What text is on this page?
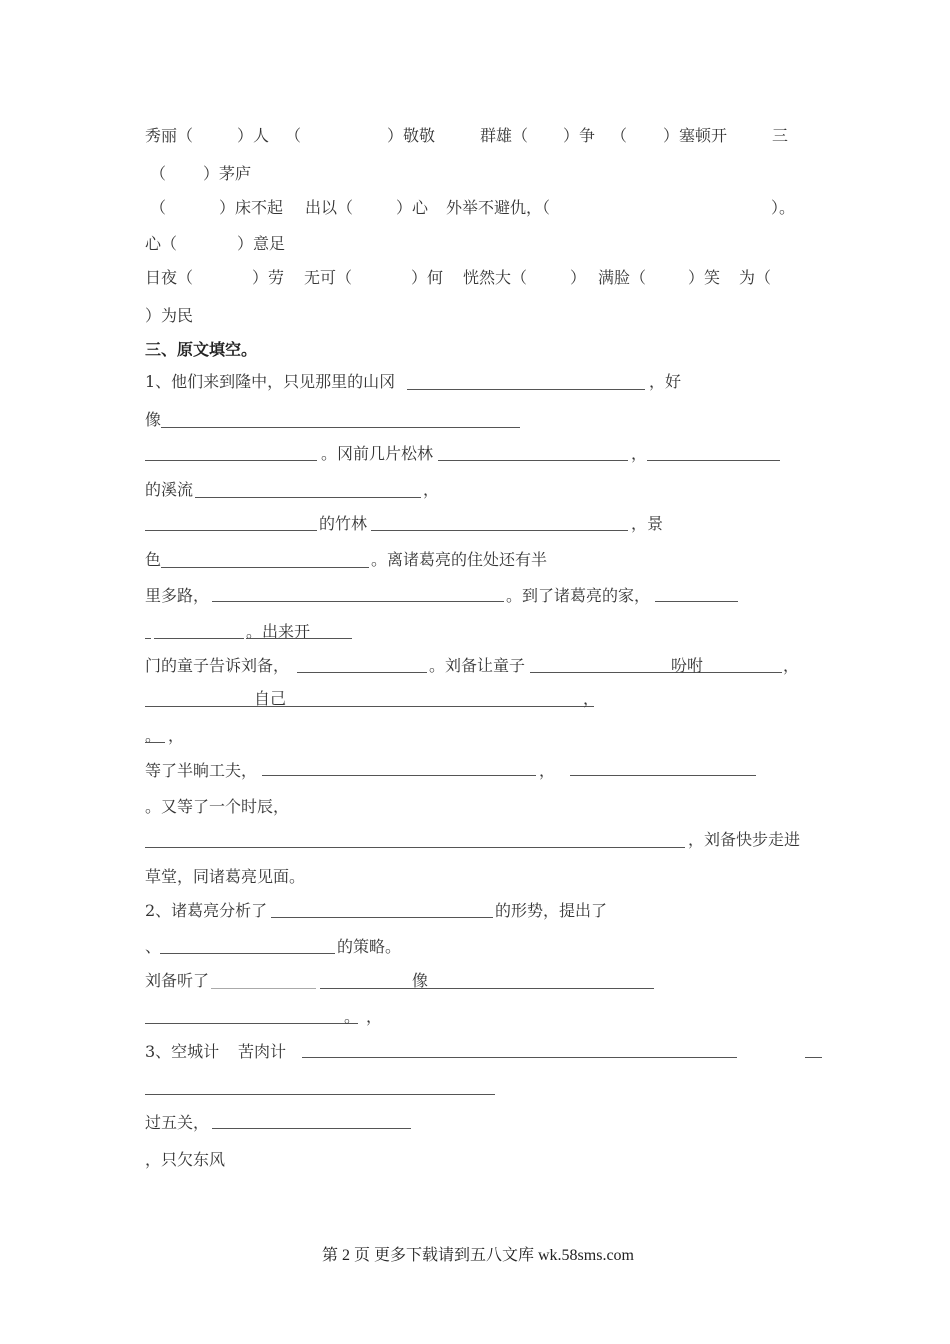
秀丽（	）人 （	）敬敬	群雄（ ）争 （ ）塞顿开	三
（ ）茅庐
（	）床不起 出以（	）心 外举不避仇，（	）。
心（	）意足
日夜（	）劳 无可（	）何 恍然大（	） 满脸（	）笑 为（
）为民
三、原文填空。
1、他们来到隆中，只见那里的山冈	，好
像
。冈前几片松林	，
的溪流	，
的竹林	，景
色	。离诸葛亮的住处还有半
里多路，	。到了诸葛亮的家，
。出来开
门的童子告诉刘备，	。刘备让童子	吩咐	，
自己	，
。 ，
等了半晌工夫，	，
。又等了一个时辰，
，刘备快步走进
草堂，同诸葛亮见面。
2、诸葛亮分析了	的形势，提出了
、	的策略。
刘备听了	像
。 ，
3、空城计 苦肉计
过五关，
，只欠东风
第 2 页 更多下载请到五八文库 wk.58sms.com
